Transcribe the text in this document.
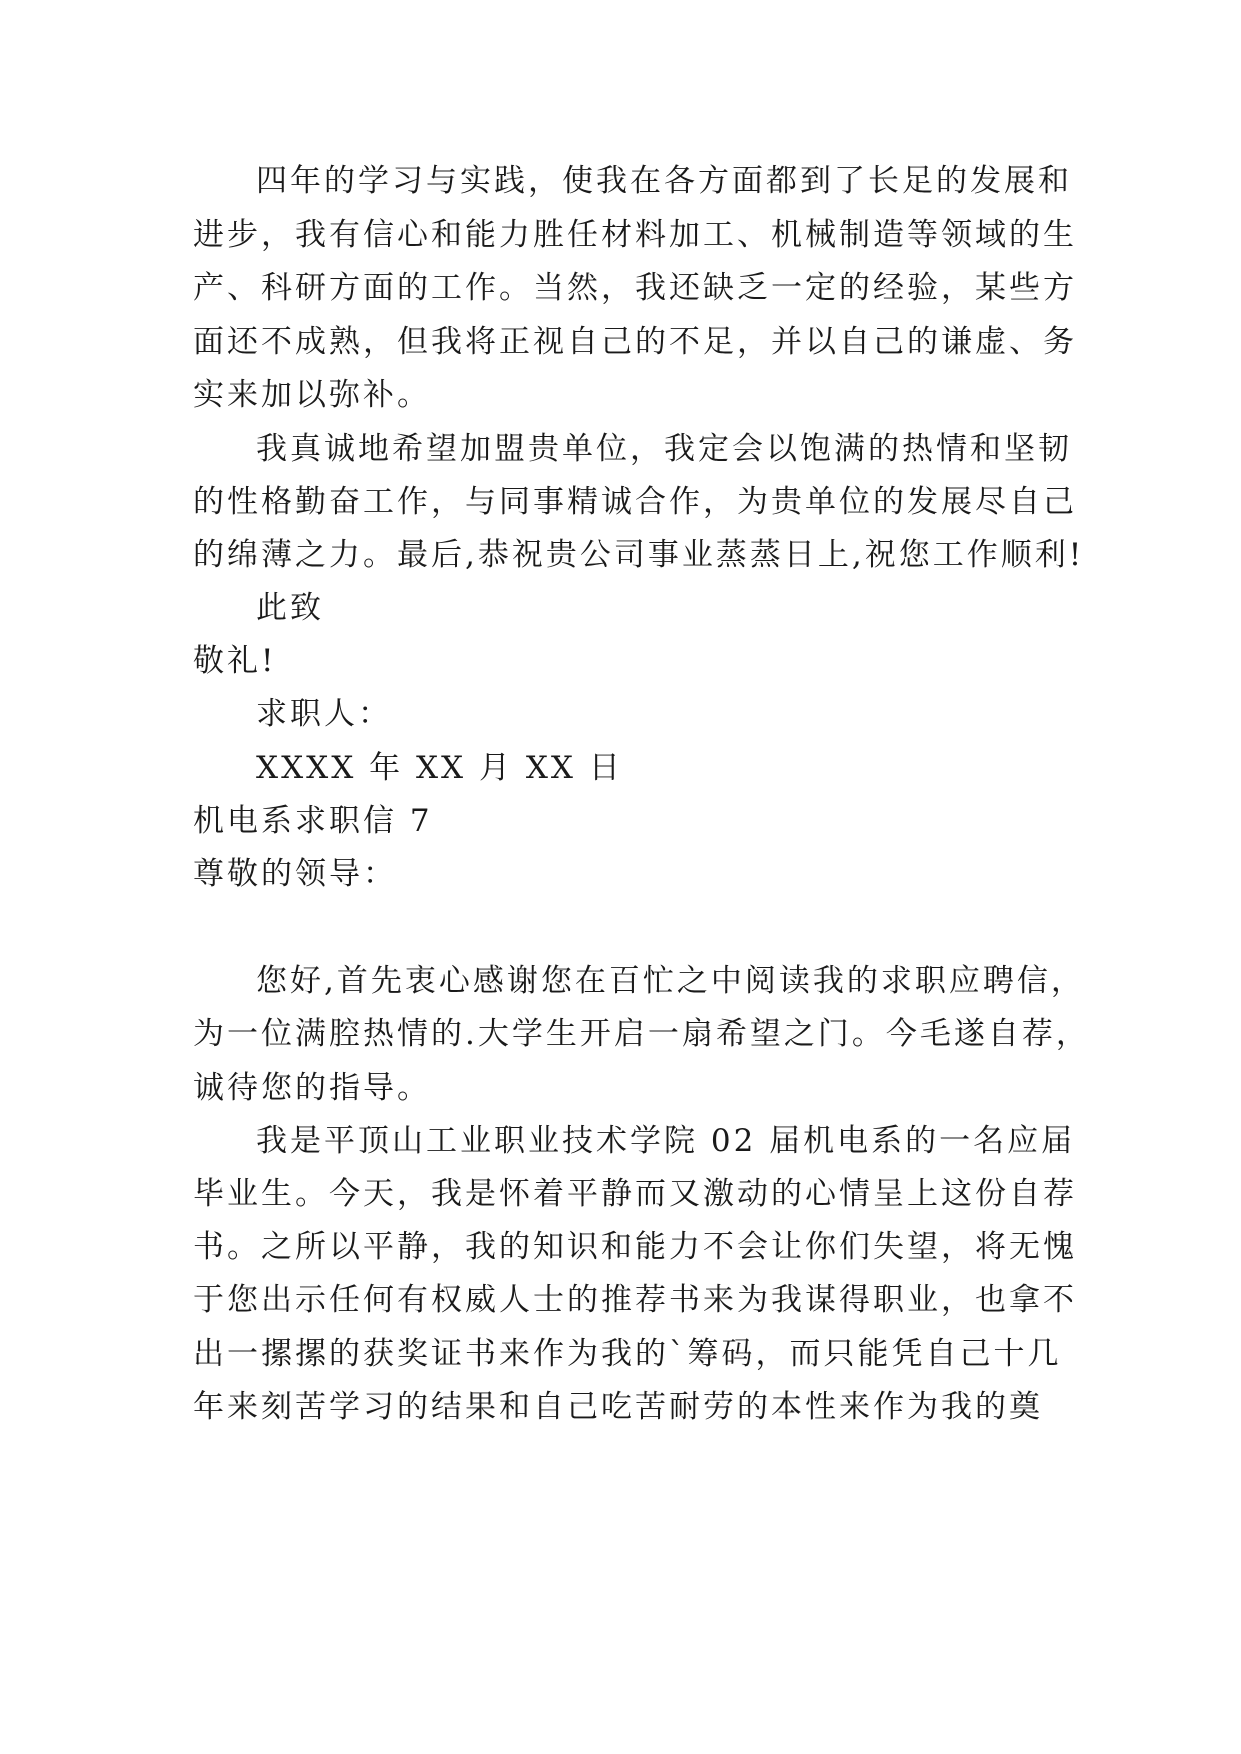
四年的学习与实践，使我在各方面都到了长足的发展和
进步，我有信心和能力胜任材料加工、机械制造等领域的生
产、科研方面的工作。当然，我还缺乏一定的经验，某些方
面还不成熟，但我将正视自己的不足，并以自己的谦虚、务
实来加以弥补。
我真诚地希望加盟贵单位，我定会以饱满的热情和坚韧
的性格勤奋工作，与同事精诚合作，为贵单位的发展尽自己
的绵薄之力。最后,恭祝贵公司事业蒸蒸日上,祝您工作顺利!
此致
敬礼!
求职人：
XXXX 年 XX 月 XX 日
机电系求职信 7
尊敬的领导：
您好,首先衷心感谢您在百忙之中阅读我的求职应聘信，
为一位满腔热情的.大学生开启一扇希望之门。今毛遂自荐，
诚待您的指导。
我是平顶山工业职业技术学院 02 届机电系的一名应届
毕业生。今天，我是怀着平静而又激动的心情呈上这份自荐
书。之所以平静，我的知识和能力不会让你们失望，将无愧
于您出示任何有权威人士的推荐书来为我谋得职业，也拿不
出一摞摞的获奖证书来作为我的`筹码，而只能凭自己十几
年来刻苦学习的结果和自己吃苦耐劳的本性来作为我的奠
